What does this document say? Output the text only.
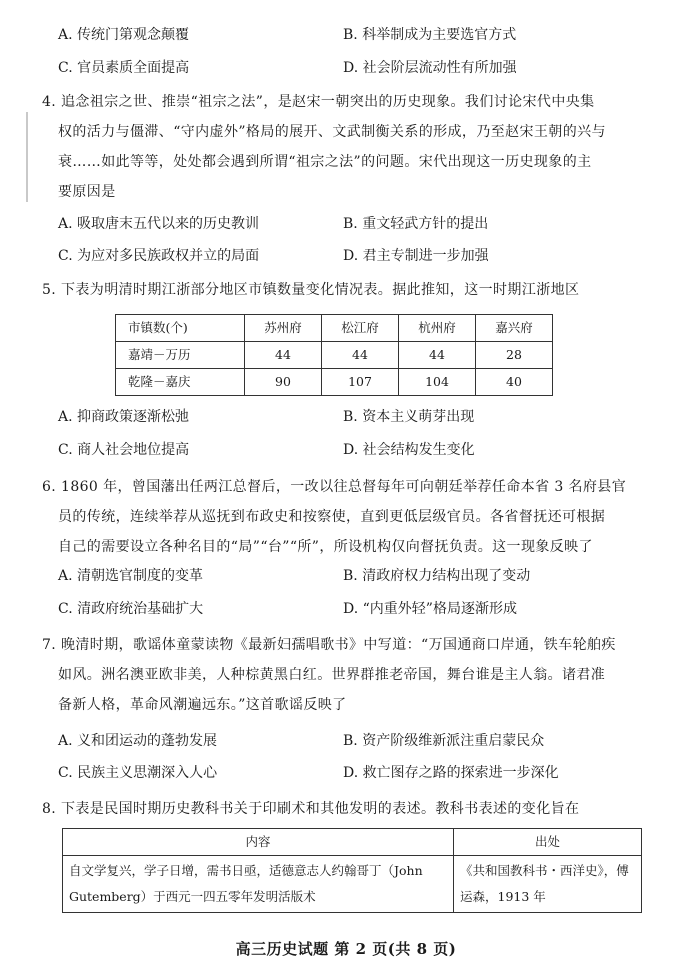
A. 传统门第观念颠覆	B. 科举制成为主要选官方式
C. 官员素质全面提高	D. 社会阶层流动性有所加强

4. 追念祖宗之世、推崇“祖宗之法”，是赵宋一朝突出的历史现象。我们讨论宋代中央集

权的活力与僵滞、“守内虚外”格局的展开、文武制衡关系的形成，乃至赵宋王朝的兴与

衰……如此等等，处处都会遇到所谓“祖宗之法”的问题。宋代出现这一历史现象的主

要原因是

A. 吸取唐末五代以来的历史教训	B. 重文轻武方针的提出
C. 为应对多民族政权并立的局面	D. 君主专制进一步加强

5. 下表为明清时期江浙部分地区市镇数量变化情况表。据此推知，这一时期江浙地区

市镇数(个)	苏州府	松江府	杭州府	嘉兴府
嘉靖－万历	44	44	44	28
乾隆－嘉庆	90	107	104	40
A. 抑商政策逐渐松弛	B. 资本主义萌芽出现
C. 商人社会地位提高	D. 社会结构发生变化

6. 1860 年，曾国藩出任两江总督后，一改以往总督每年可向朝廷举荐任命本省 3 名府县官

员的传统，连续举荐从巡抚到布政史和按察使，直到更低层级官员。各省督抚还可根据

自己的需要设立各种名目的“局”“台”“所”，所设机构仅向督抚负责。这一现象反映了

A. 清朝选官制度的变革	B. 清政府权力结构出现了变动
C. 清政府统治基础扩大	D. “内重外轻”格局逐渐形成

7. 晚清时期，歌谣体童蒙读物《最新妇孺唱歌书》中写道：“万国通商口岸通，铁车轮舶疾

如风。洲名澳亚欧非美，人种棕黄黑白红。世界群推老帝国，舞台谁是主人翁。诸君准

备新人格，革命风潮遍远东。”这首歌谣反映了

A. 义和团运动的蓬勃发展	B. 资产阶级维新派注重启蒙民众
C. 民族主义思潮深入人心	D. 救亡图存之路的探索进一步深化

8. 下表是民国时期历史教科书关于印刷术和其他发明的表述。教科书表述的变化旨在

内容	出处

自文学复兴，学子日增，需书日亟，适德意志人约翰哥丁（John
Gutemberg）于西元一四五零年发明活版术	《共和国教科书・西洋史》，傅
运森，1913 年
高三历史试题 第 2 页(共 8 页)
